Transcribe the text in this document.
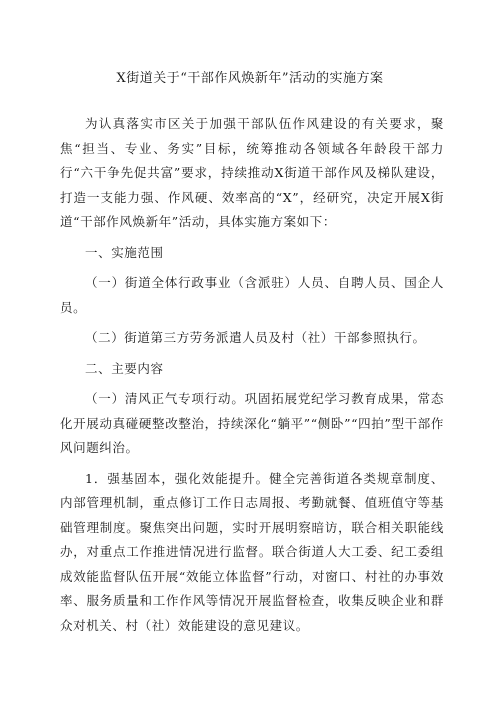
X街道关于“干部作风焕新年”活动的实施方案

为认真落实市区关于加强干部队伍作风建设的有关要求，聚焦“担当、专业、务实”目标，统筹推动各领域各年龄段干部力行“六干争先促共富”要求，持续推动X街道干部作风及梯队建设，打造一支能力强、作风硬、效率高的“X”，经研究，决定开展X街道“干部作风焕新年”活动，具体实施方案如下：

一、实施范围

（一）街道全体行政事业（含派驻）人员、自聘人员、国企人员。

（二）街道第三方劳务派遣人员及村（社）干部参照执行。

二、主要内容

（一）清风正气专项行动。巩固拓展党纪学习教育成果，常态化开展动真碰硬整改整治，持续深化“躺平”“侧卧”“四拍”型干部作风问题纠治。

1．强基固本，强化效能提升。健全完善街道各类规章制度、内部管理机制，重点修订工作日志周报、考勤就餐、值班值守等基础管理制度。聚焦突出问题，实时开展明察暗访，联合相关职能线办，对重点工作推进情况进行监督。联合街道人大工委、纪工委组成效能监督队伍开展“效能立体监督”行动，对窗口、村社的办事效率、服务质量和工作作风等情况开展监督检查，收集反映企业和群众对机关、村（社）效能建设的意见建议。
